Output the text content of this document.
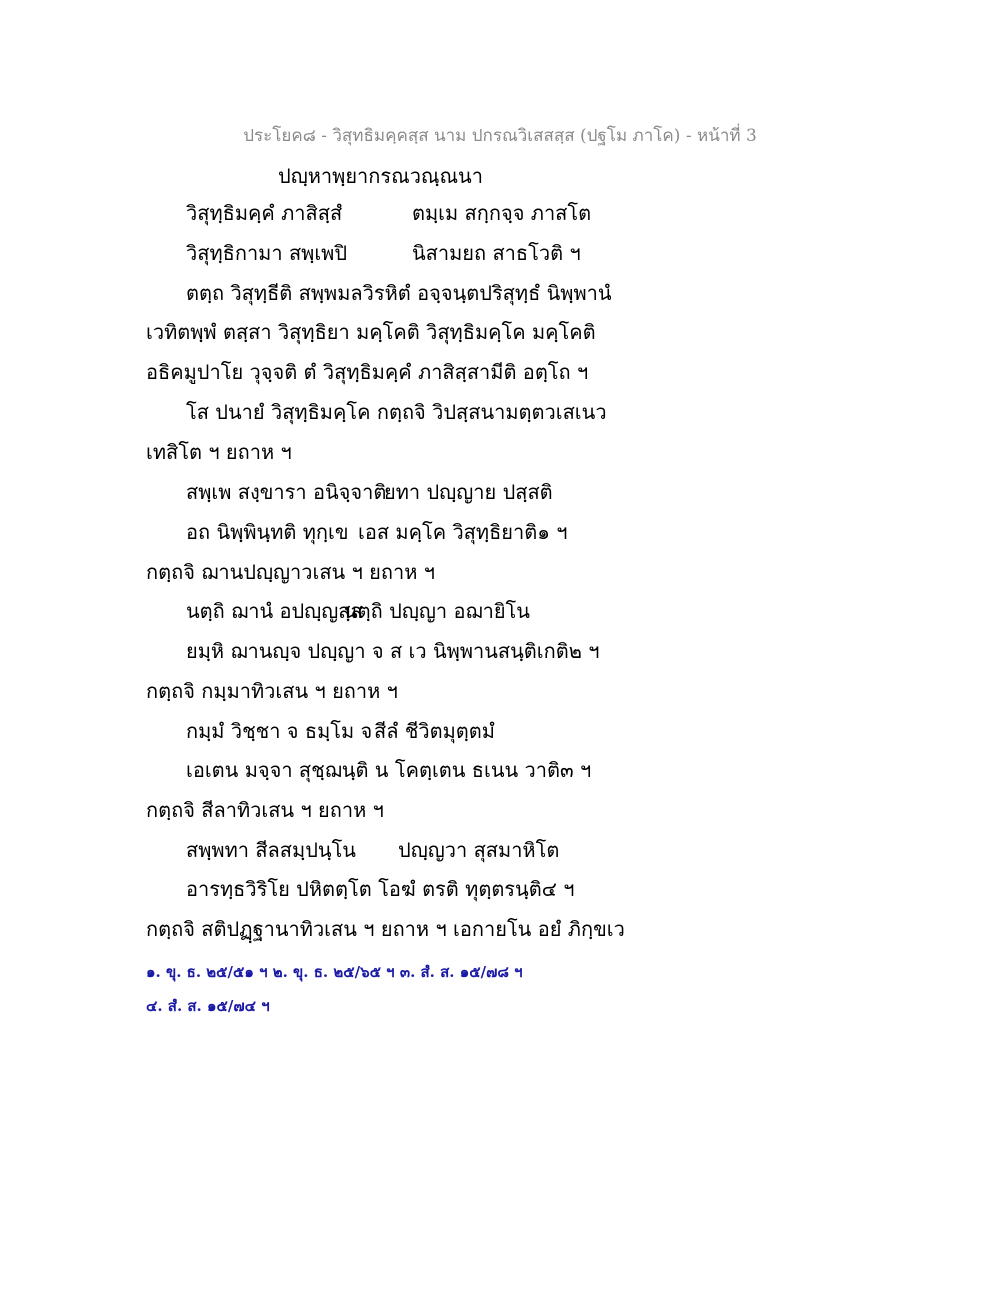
ประโยค๘ - วิสุทธิมคฺคสฺส นาม ปกรณวิเสสสฺส (ปฐโม ภาโค) - หน้าที่ 3
ปญฺหาพฺยากรณวณฺณนา
วิสุทฺธิมคฺคํ ภาสิสฺสํ	ตมฺเม สกฺกจฺจ ภาสโต
วิสุทฺธิกามา สพฺเพปิ	นิสามยถ สาธโวติ ฯ
ตตฺถ วิสุทฺธีติ สพฺพมลวิรหิตํ อจฺจนฺตปริสุทฺธํ นิพฺพานํ
เวทิตพฺพํ ตสฺสา วิสุทฺธิยา มคฺโคติ วิสุทฺธิมคฺโค มคฺโคติ
อธิคมูปาโย วุจฺจติ ตํ วิสุทฺธิมคฺคํ ภาสิสฺสามีติ อตฺโถ ฯ
โส ปนายํ วิสุทฺธิมคฺโค กตฺถจิ วิปสฺสนามตฺตวเสเนว
เทสิโต ฯ ยถาห ฯ
สพฺเพ สงฺขารา อนิจฺจาติ
ยทา ปญฺญาย ปสฺสติ
อถ นิพฺพินฺทติ ทุกฺเข เอส มคฺโค วิสุทฺธิยาติ๑ ฯ
กตฺถจิ ฌานปญฺญาวเสน ฯ ยถาห ฯ
นตฺถิ ฌานํ อปญฺญสฺส
นตฺถิ ปญฺญา อฌายิโน
ยมฺหิ ฌานญฺจ ปญฺญา จ ส เว นิพฺพานสนฺติเกติ๒ ฯ
กตฺถจิ กมฺมาทิวเสน ฯ ยถาห ฯ
กมฺมํ วิชฺชา จ ธมฺโม จ สีลํ ชีวิตมุตฺตมํ
เอเตน มจฺจา สุชฺฌนฺติ น โคตฺเตน ธเนน วาติ๓ ฯ
กตฺถจิ สีลาทิวเสน ฯ ยถาห ฯ
สพฺพทา สีลสมฺปนฺโน ปญฺญวา สุสมาหิโต
อารทฺธวิริโย ปหิตตฺโต โอฆํ ตรติ ทุตฺตรนฺติ๔ ฯ
กตฺถจิ สติปฏฺฐานาทิวเสน ฯ ยถาห ฯ เอกายโน อยํ ภิกฺขเว
๑. ขุ. ธ. ๒๕/๕๑ ฯ ๒. ขุ. ธ. ๒๕/๖๕ ฯ ๓. สํ. ส. ๑๕/๗๘ ฯ
๔. สํ. ส. ๑๕/๗๔ ฯ
